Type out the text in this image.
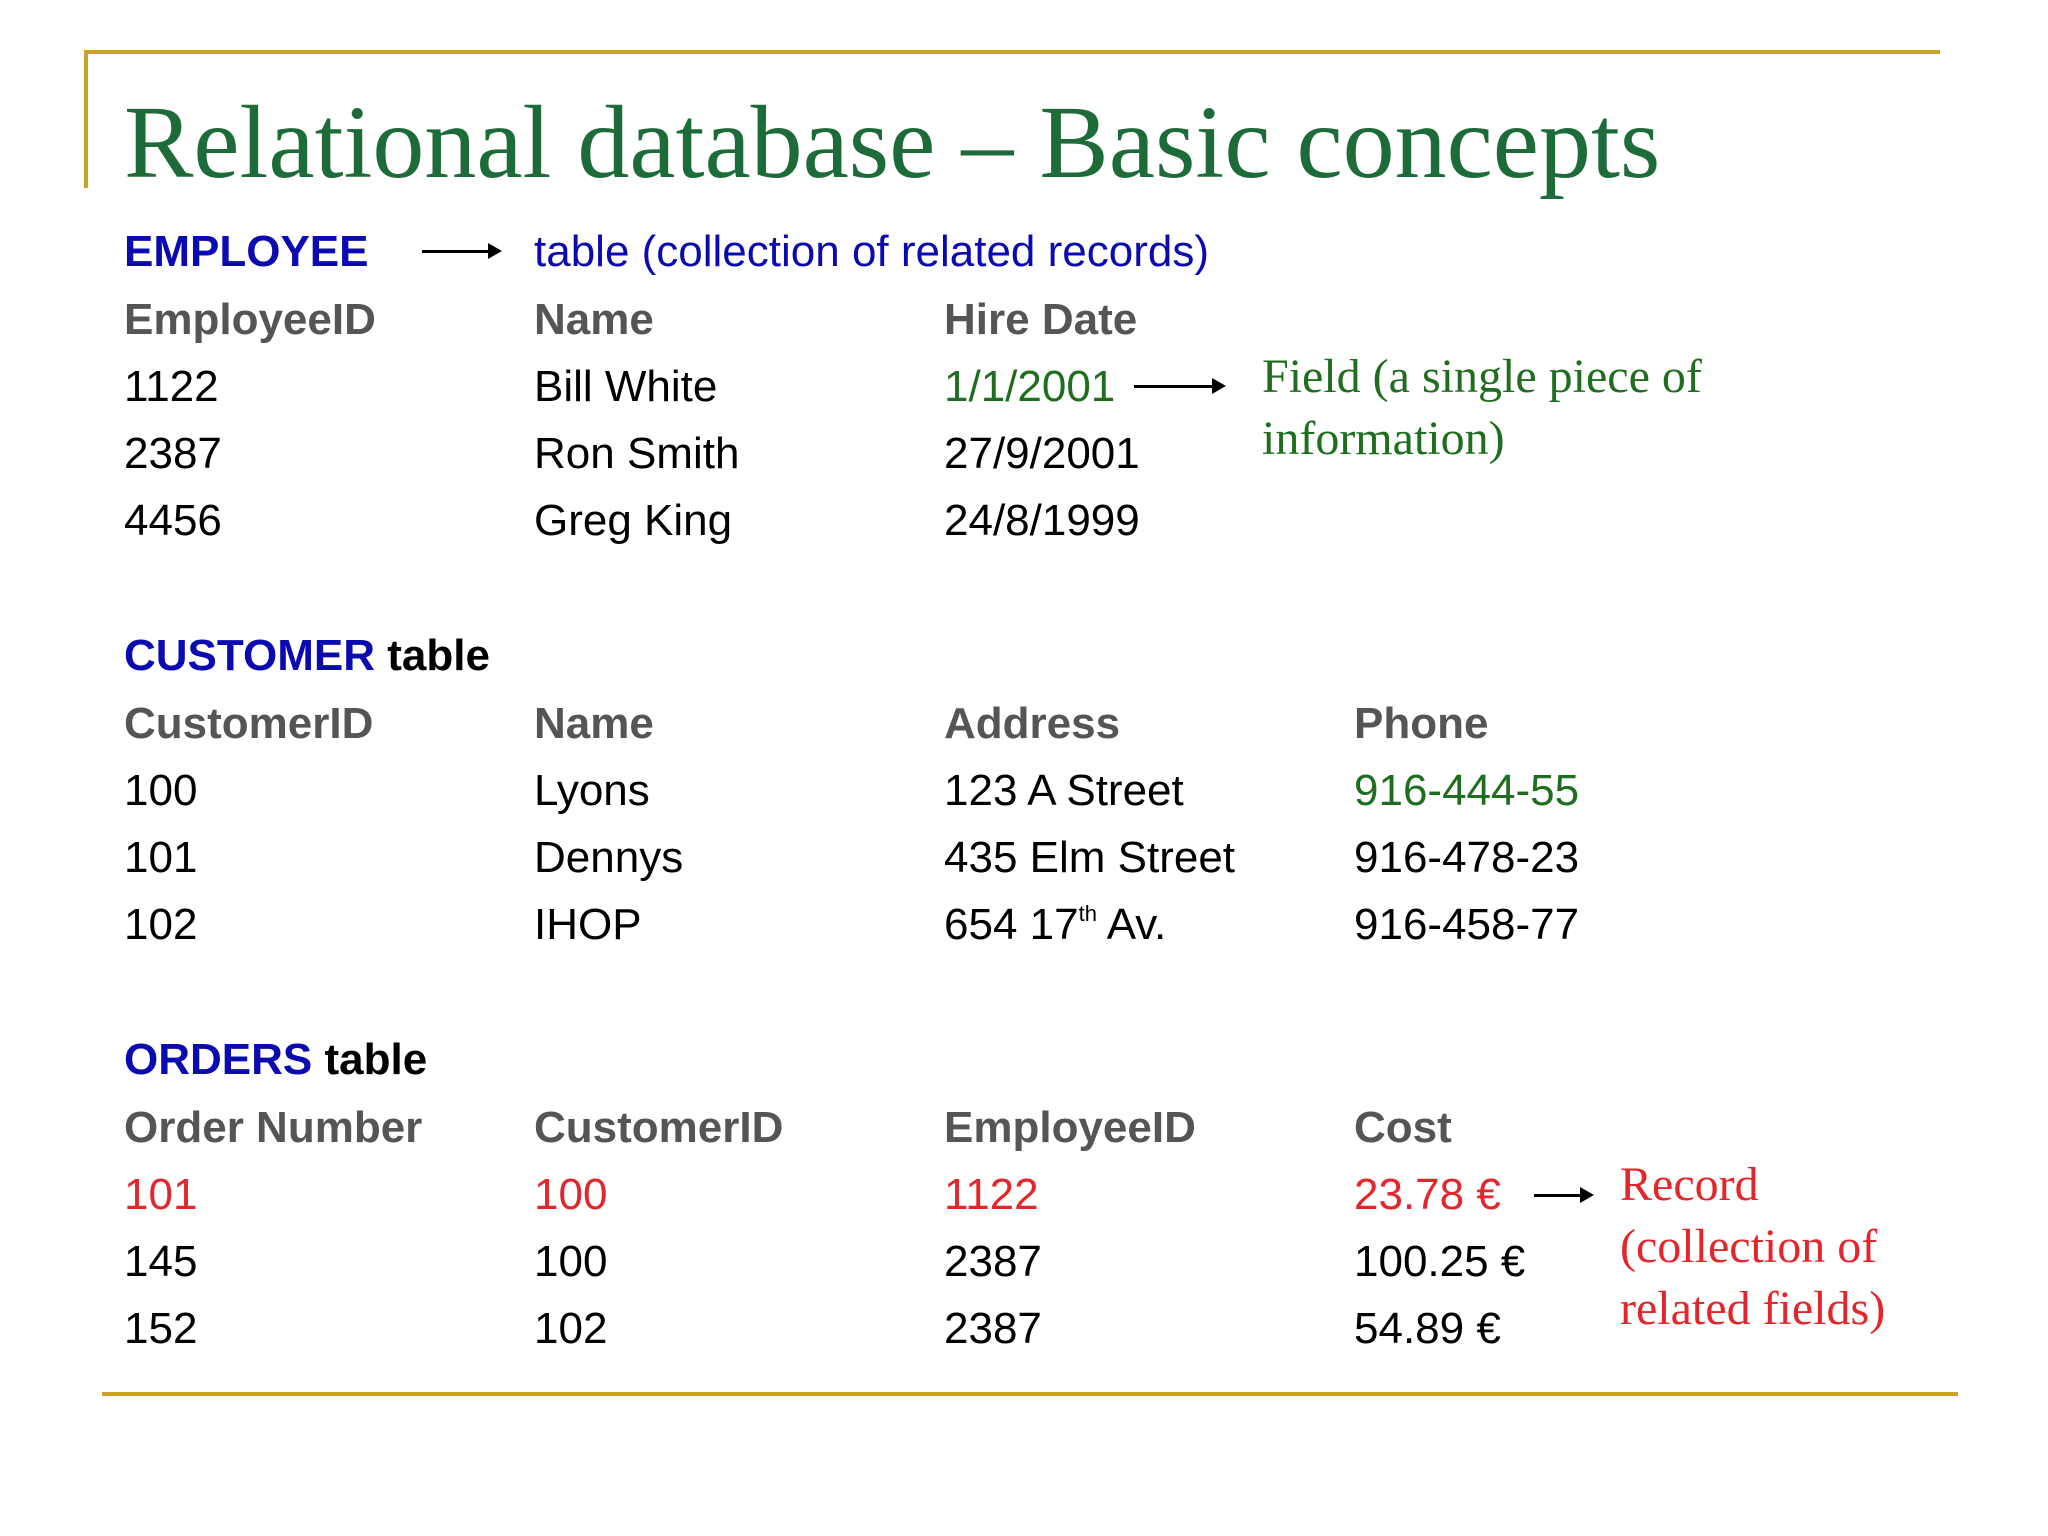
Relational database – Basic concepts
EMPLOYEE	table (collection of related records)
EmployeeID	Name	Hire Date
1122	Bill White	1/1/2001	Field (a single piece of
information)
2387	Ron Smith	27/9/2001
4456	Greg King	24/8/1999
CUSTOMER table
CustomerID	Name	Address	Phone
100	Lyons	123 A Street	916-444-55
101	Dennys	435 Elm Street	916-478-23
102	IHOP	654 17th Av.	916-458-77
ORDERS table
Order Number	CustomerID	EmployeeID	Cost
101	100	1122	23.78 € Record
(collection of
related fields)
145	100	2387	100.25 €
152	102	2387	54.89 €
